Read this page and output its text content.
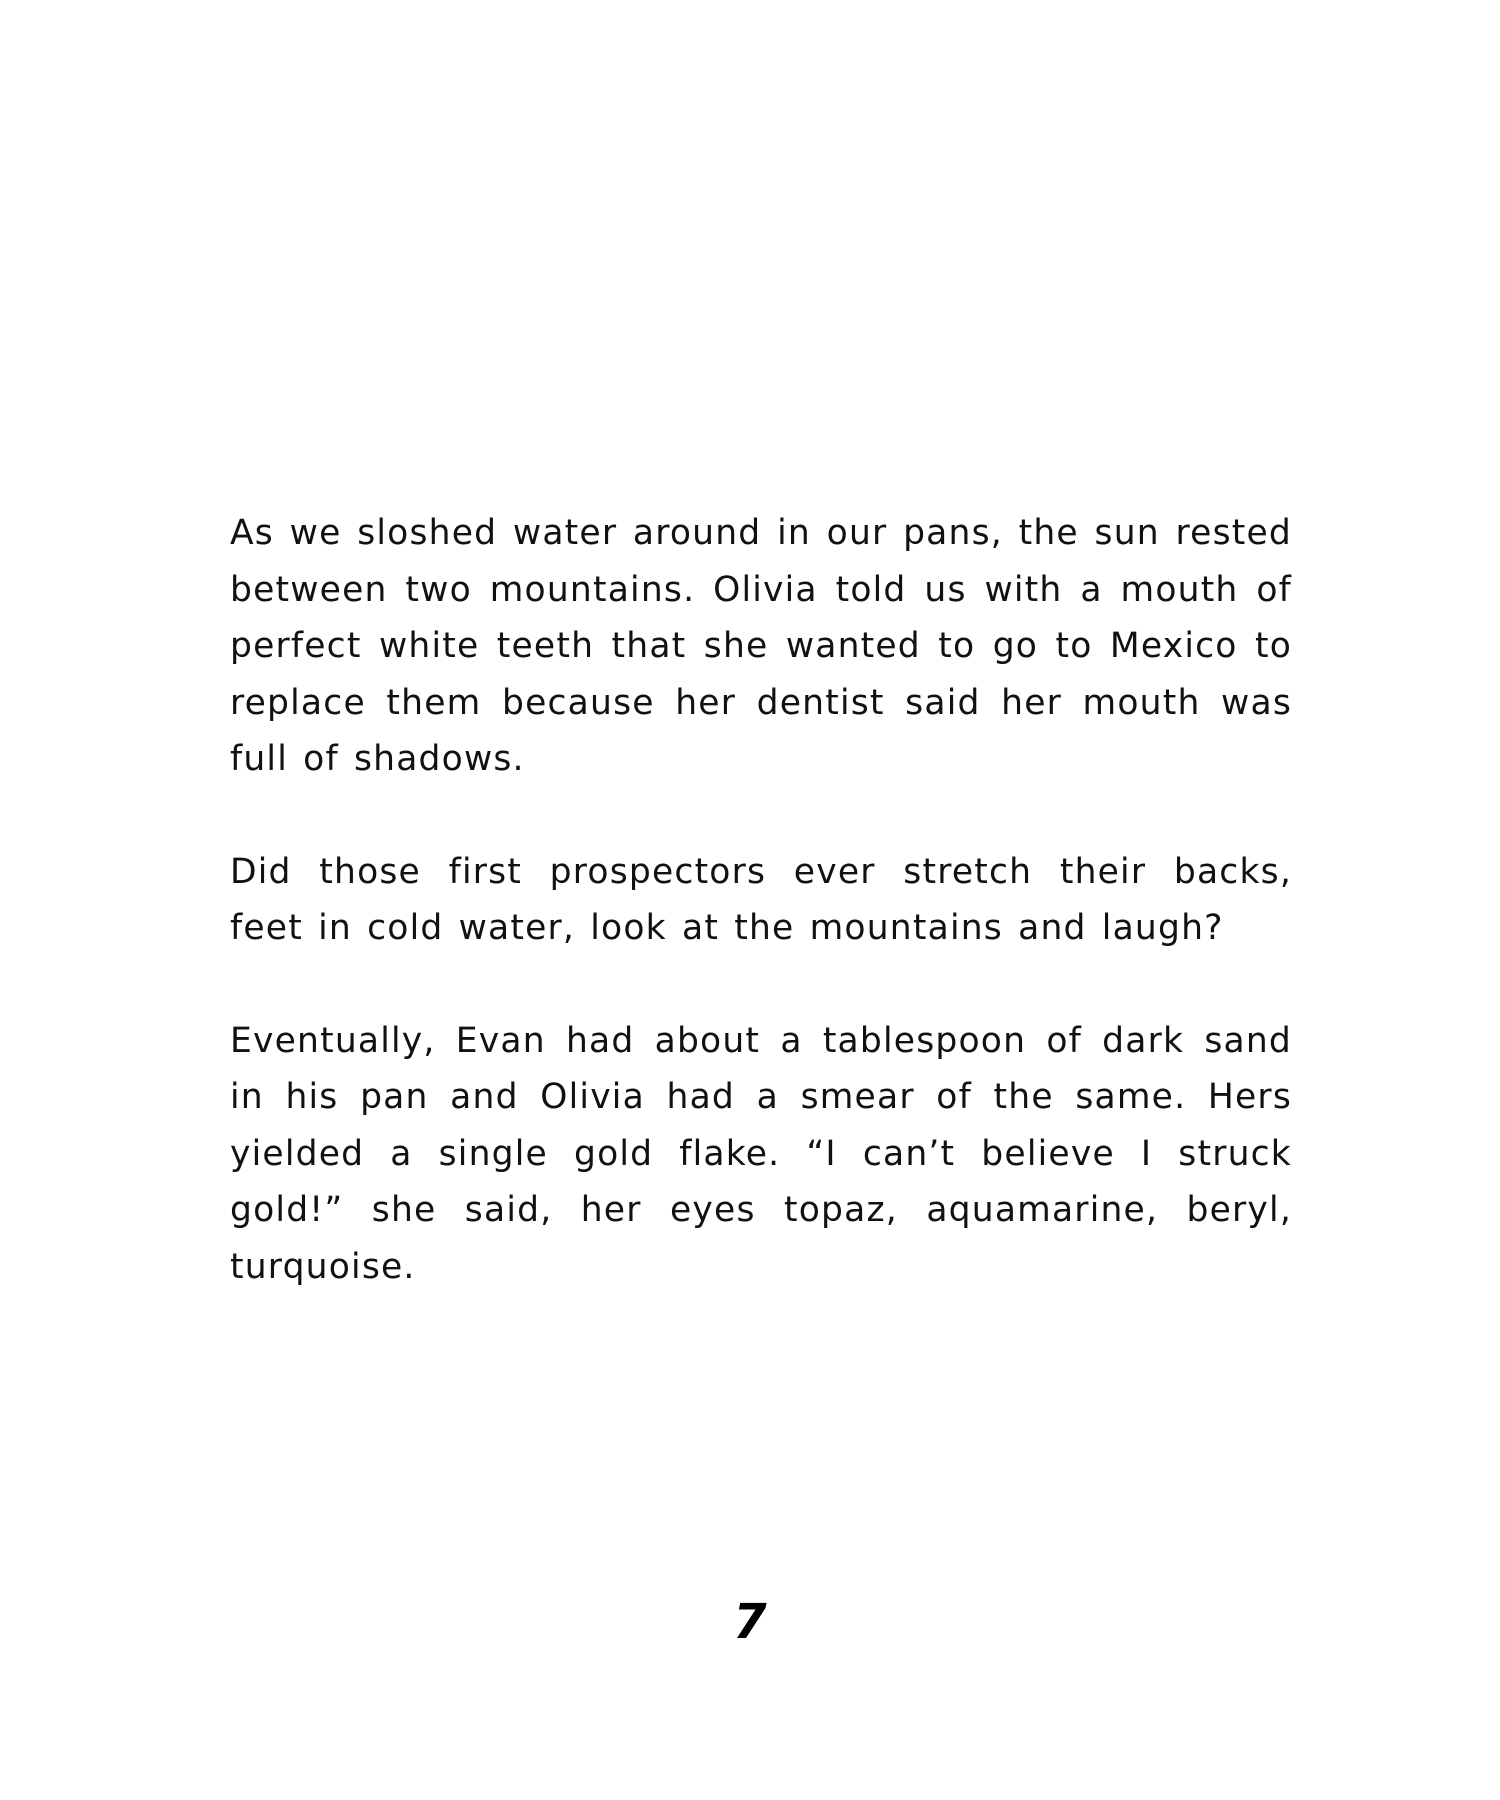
As we sloshed water around in our pans, the sun rested between two mountains. Olivia told us with a mouth of perfect white teeth that she wanted to go to Mexico to replace them because her dentist said her mouth was full of shadows.

Did those first prospectors ever stretch their backs, feet in cold water, look at the mountains and laugh?

Eventually, Evan had about a tablespoon of dark sand in his pan and Olivia had a smear of the same. Hers yielded a single gold flake. “I can’t believe I struck gold!” she said, her eyes topaz, aquamarine, beryl, turquoise.

7
